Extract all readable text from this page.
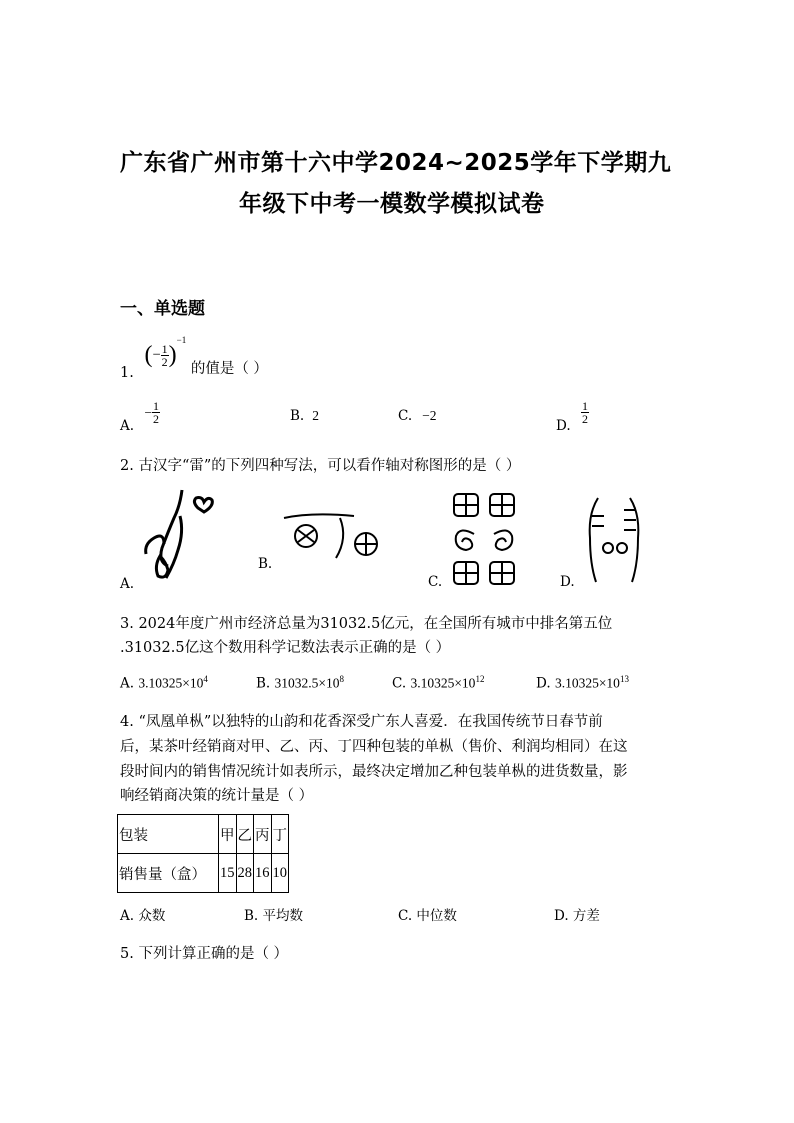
广东省广州市第十六中学2024~2025学年下学期九
年级下中考一模数学模拟试卷
一、单选题
1. (− $\frac{1}{2} )^{-1}$ 的值是（ ）
A. − $\frac{1}{2}$	B. 2	C. −2
D.
$\frac{1}{2}$
2. 古汉字“雷”的下列四种写法，可以看作轴对称图形的是（ ）
A.
B.
C.	D.
3. 2024年度广州市经济总量为31032.5亿元，在全国所有城市中排名第五位
.31032.5亿这个数用科学记数法表示正确的是（ ）
A. $3.10325\times 10^4$	B. $31032.5\times 10^8$	C. $3.10325\times 10^{12}$	D. $3.10325\times 10^{13}$
4. “凤凰单枞”以独特的山韵和花香深受广东人喜爱．在我国传统节日春节前
后，某茶叶经销商对甲、乙、丙、丁四种包装的单枞（售价、利润均相同）在这
段时间内的销售情况统计如表所示，最终决定增加乙种包装单枞的进货数量，影
响经销商决策的统计量是（ ）
包装	甲	乙	丙	丁
销售量（盒）	15	28	16	10
A. 众数	B. 平均数	C. 中位数	D. 方差
5. 下列计算正确的是（ ）
